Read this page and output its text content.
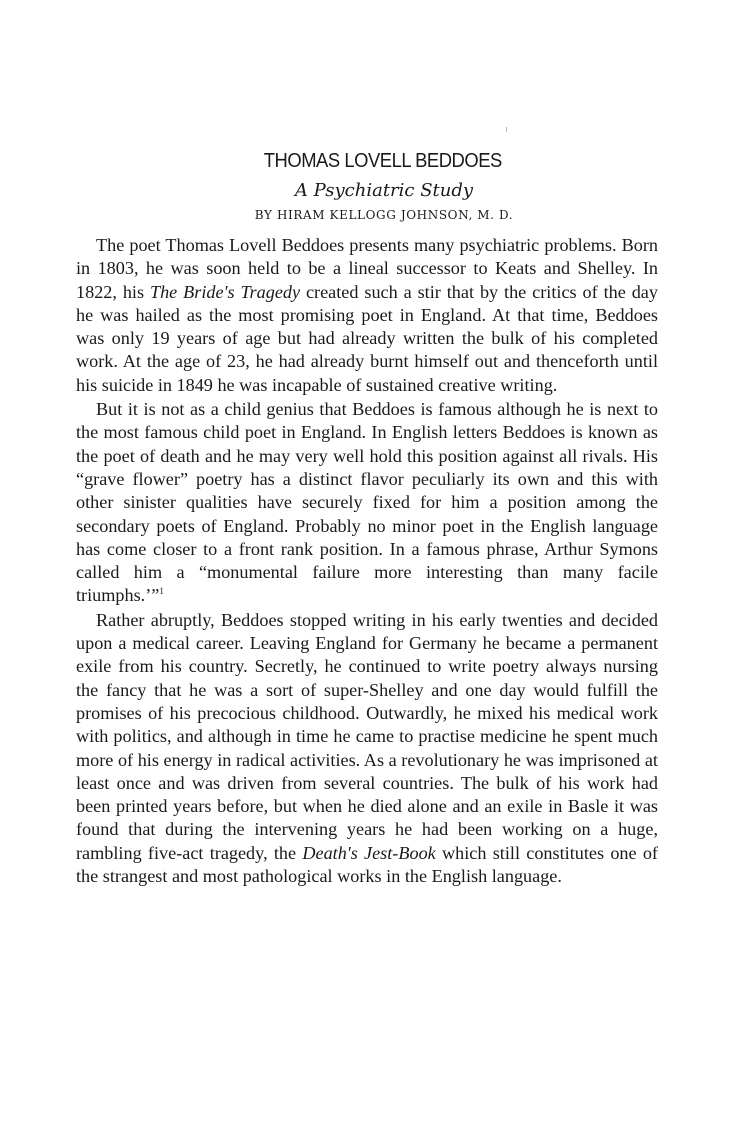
THOMAS LOVELL BEDDOES
A Psychiatric Study
BY HIRAM KELLOGG JOHNSON, M. D.

The poet Thomas Lovell Beddoes presents many psychiatric problems. Born in 1803, he was soon held to be a lineal successor to Keats and Shelley. In 1822, his The Bride's Tragedy created such a stir that by the critics of the day he was hailed as the most promising poet in England. At that time, Beddoes was only 19 years of age but had already written the bulk of his completed work. At the age of 23, he had already burnt himself out and thenceforth until his suicide in 1849 he was incapable of sustained creative writing.

But it is not as a child genius that Beddoes is famous although he is next to the most famous child poet in England. In English letters Beddoes is known as the poet of death and he may very well hold this position against all rivals. His “grave flower” poetry has a distinct flavor peculiarly its own and this with other sinister qualities have securely fixed for him a position among the secondary poets of England. Probably no minor poet in the English language has come closer to a front rank position. In a famous phrase, Arthur Symons called him a “monumental failure more interesting than many facile triumphs.’”$^1$

Rather abruptly, Beddoes stopped writing in his early twenties and decided upon a medical career. Leaving England for Germany he became a permanent exile from his country. Secretly, he continued to write poetry always nursing the fancy that he was a sort of super-Shelley and one day would fulfill the promises of his precocious childhood. Outwardly, he mixed his medical work with politics, and although in time he came to practise medicine he spent much more of his energy in radical activities. As a revolutionary he was imprisoned at least once and was driven from several countries. The bulk of his work had been printed years before, but when he died alone and an exile in Basle it was found that during the intervening years he had been working on a huge, rambling five-act tragedy, the Death's Jest-Book which still constitutes one of the strangest and most pathological works in the English language.
